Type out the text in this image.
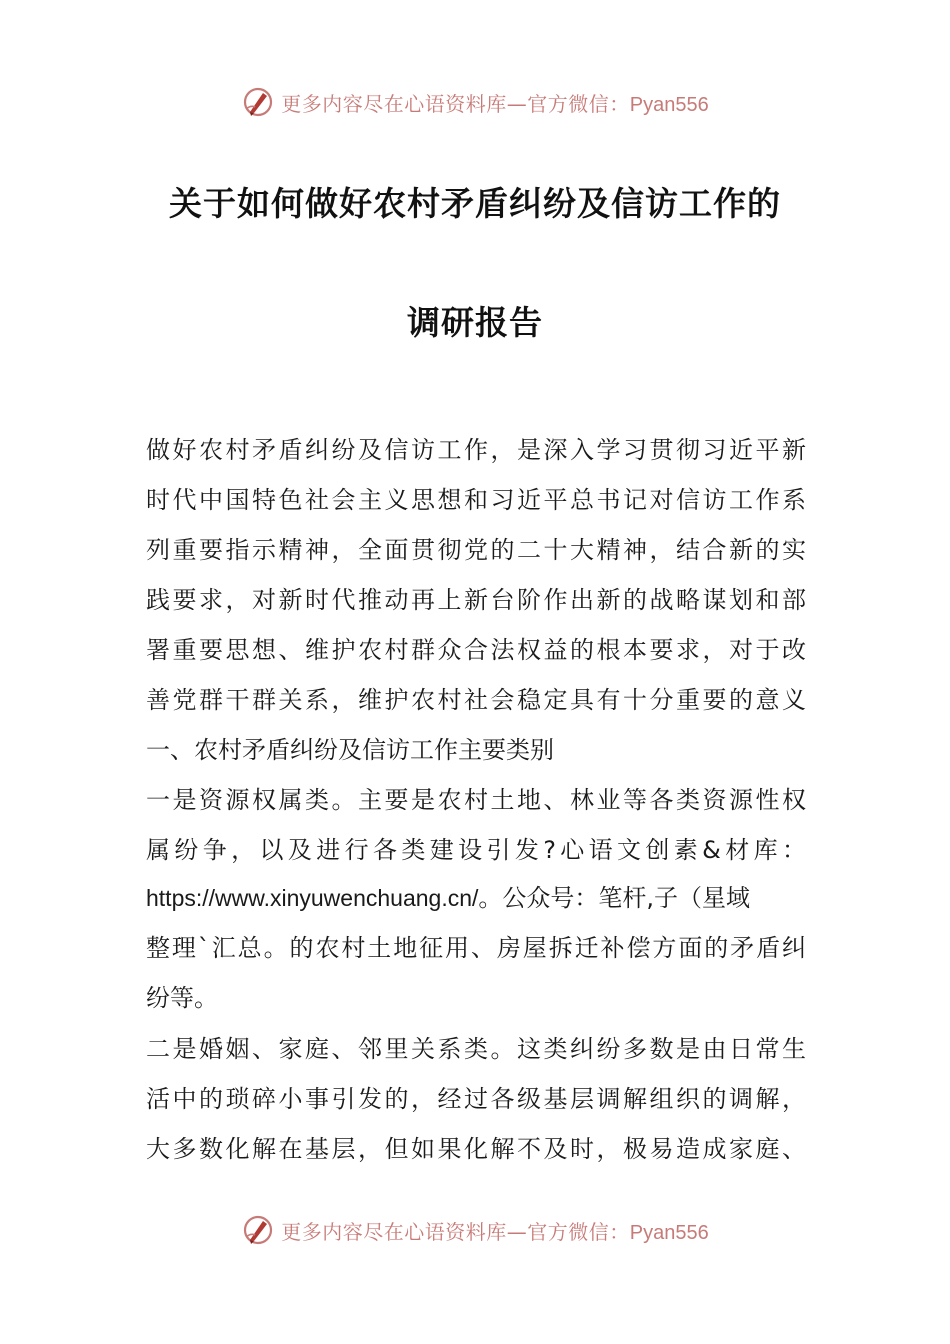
更多内容尽在心语资料库—官方微信：Pyan556
关于如何做好农村矛盾纠纷及信访工作的
调研报告
做好农村矛盾纠纷及信访工作，是深入学习贯彻习近平新
时代中国特色社会主义思想和习近平总书记对信访工作系
列重要指示精神，全面贯彻党的二十大精神，结合新的实
践要求，对新时代推动再上新台阶作出新的战略谋划和部
署重要思想、维护农村群众合法权益的根本要求，对于改
善党群干群关系，维护农村社会稳定具有十分重要的意义
一、农村矛盾纠纷及信访工作主要类别
一是资源权属类。主要是农村土地、林业等各类资源性权
属纷争，以及进行各类建设引发?心语文创素&材库：
https://www.xinyuwenchuang.cn/。公众号：笔杆,子（星域
整理`汇总。的农村土地征用、房屋拆迁补偿方面的矛盾纠
纷等。
二是婚姻、家庭、邻里关系类。这类纠纷多数是由日常生
活中的琐碎小事引发的，经过各级基层调解组织的调解，
大多数化解在基层，但如果化解不及时，极易造成家庭、
更多内容尽在心语资料库—官方微信：Pyan556
